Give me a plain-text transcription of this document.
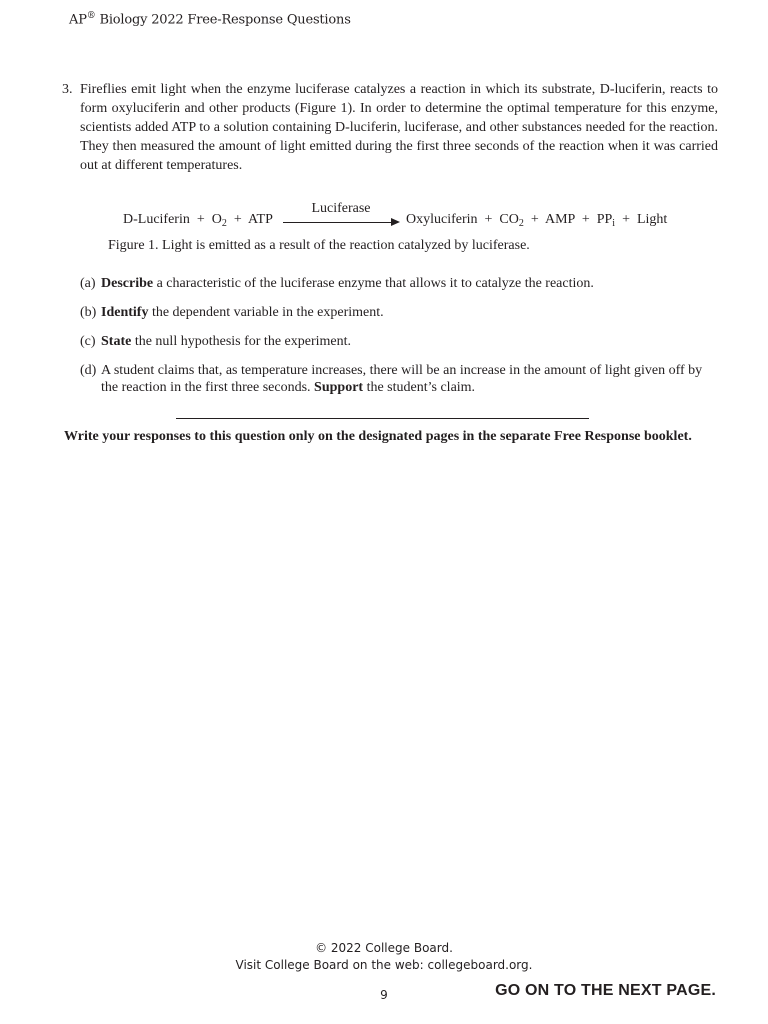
AP® Biology 2022 Free-Response Questions
3. Fireflies emit light when the enzyme luciferase catalyzes a reaction in which its substrate, D-luciferin, reacts to form oxyluciferin and other products (Figure 1). In order to determine the optimal temperature for this enzyme, scientists added ATP to a solution containing D-luciferin, luciferase, and other substances needed for the reaction. They then measured the amount of light emitted during the first three seconds of the reaction when it was carried out at different temperatures.
D-Luciferin  +  $O_2$  +  ATP
Luciferase
Oxyluciferin  +  $CO_2$  +  AMP  +  $PP_i$  +  Light
Figure 1. Light is emitted as a result of the reaction catalyzed by luciferase.
(a) Describe a characteristic of the luciferase enzyme that allows it to catalyze the reaction.
(b) Identify the dependent variable in the experiment.
(c) State the null hypothesis for the experiment.
(d) A student claims that, as temperature increases, there will be an increase in the amount of light given off by the reaction in the first three seconds. Support the student’s claim.
Write your responses to this question only on the designated pages in the separate Free Response booklet.
© 2022 College Board.
Visit College Board on the web: collegeboard.org.
9	GO ON TO THE NEXT PAGE.
